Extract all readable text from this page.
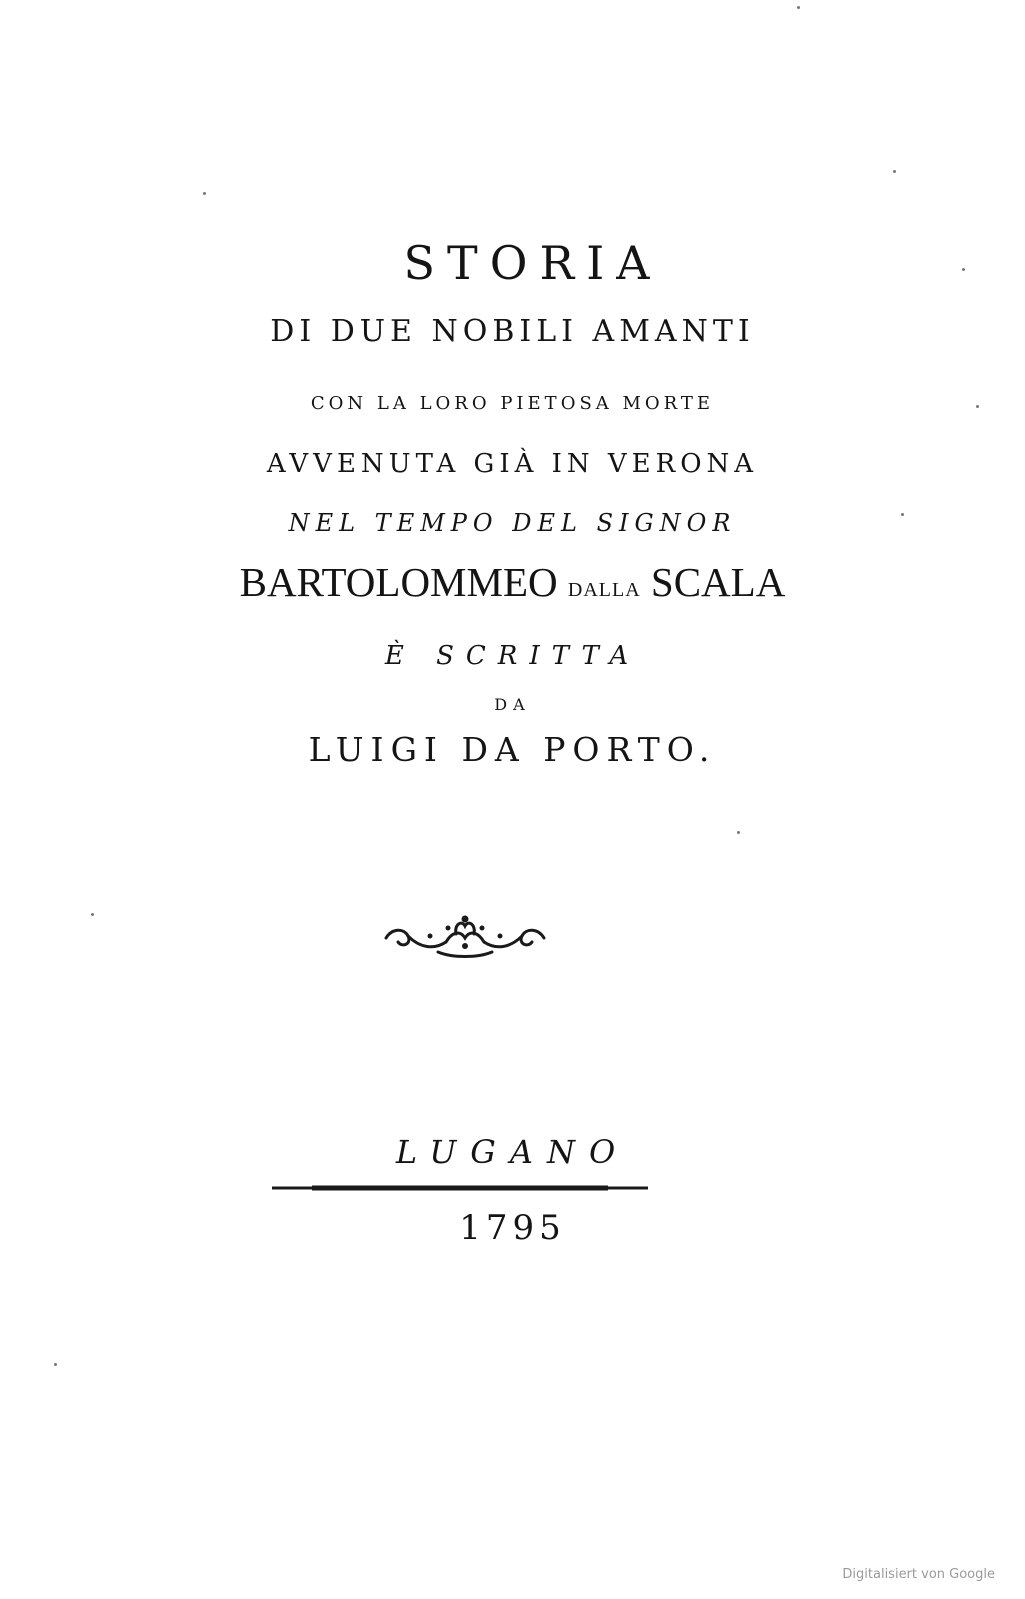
STORIA
DI DUE NOBILI AMANTI
CON LA LORO PIETOSA MORTE
AVVENUTA GIÀ IN VERONA
NEL TEMPO DEL SIGNOR
BARTOLOMMEO DALLA SCALA
È SCRITTA
DA
LUIGI DA PORTO.
LUGANO
1795
Digitalisiert von Google
